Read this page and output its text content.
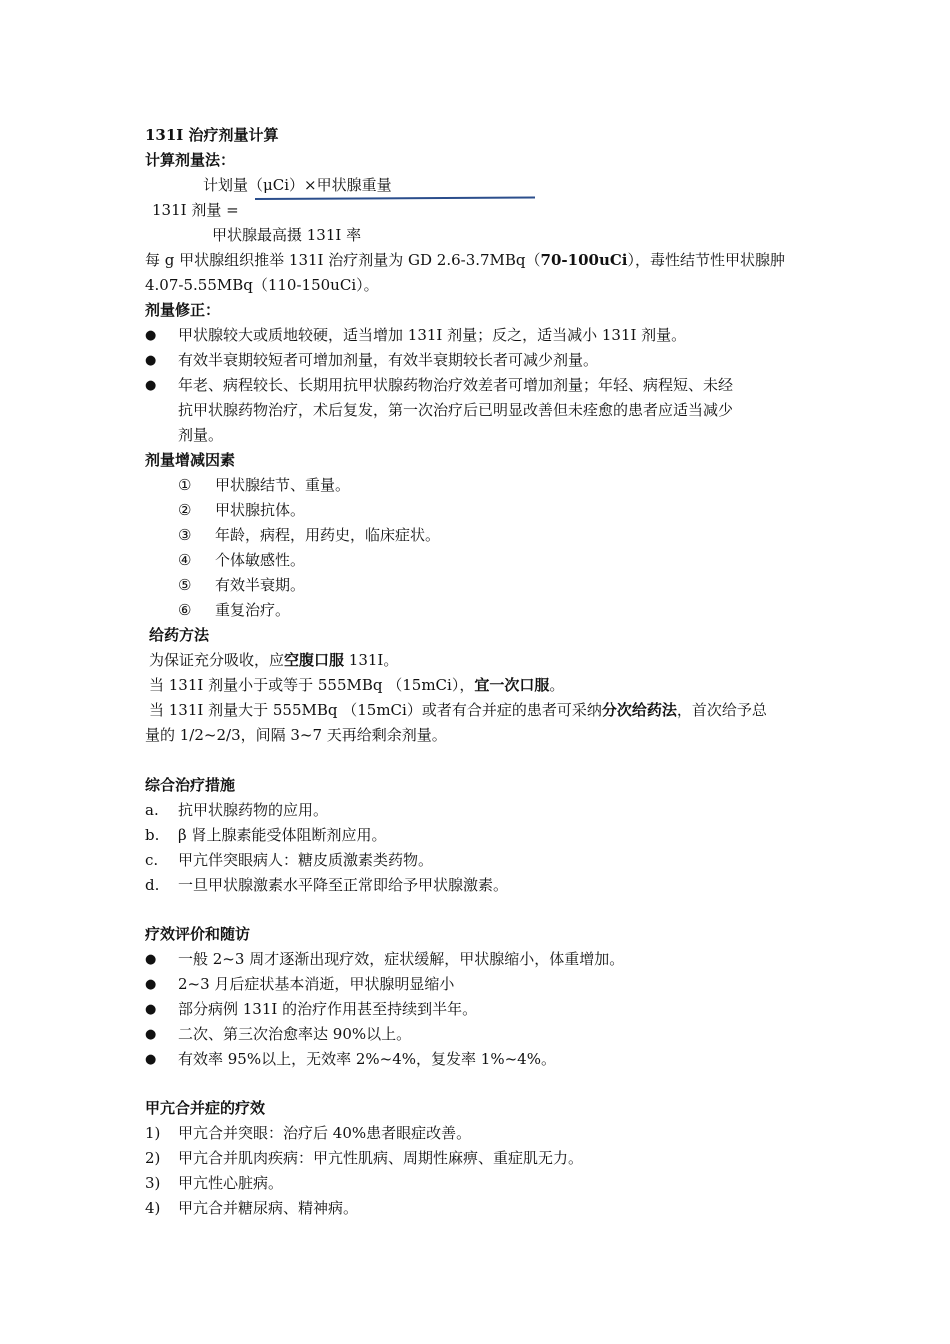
131I 治疗剂量计算
计算剂量法：
计划量（μCi）×甲状腺重量
131I 剂量 =
甲状腺最高摄 131I 率
每 g 甲状腺组织推举 131I 治疗剂量为 GD 2.6-3.7MBq（70-100uCi），毒性结节性甲状腺肿
4.07-5.55MBq（110-150uCi）。
剂量修正：
● 甲状腺较大或质地较硬，适当增加 131I 剂量；反之，适当减小 131I 剂量。
● 有效半衰期较短者可增加剂量，有效半衰期较长者可减少剂量。
● 年老、病程较长、长期用抗甲状腺药物治疗效差者可增加剂量；年轻、病程短、未经
抗甲状腺药物治疗，术后复发，第一次治疗后已明显改善但未痊愈的患者应适当减少
剂量。
剂量增减因素
① 甲状腺结节、重量。
② 甲状腺抗体。
③ 年龄，病程，用药史，临床症状。
④ 个体敏感性。
⑤ 有效半衰期。
⑥ 重复治疗。
给药方法
为保证充分吸收，应空腹口服 131I。
当 131I 剂量小于或等于 555MBq （15mCi），宜一次口服。
当 131I 剂量大于 555MBq （15mCi）或者有合并症的患者可采纳分次给药法，首次给予总
量的 1/2~2/3，间隔 3~7 天再给剩余剂量。
综合治疗措施
a. 抗甲状腺药物的应用。
b. β 肾上腺素能受体阻断剂应用。
c. 甲亢伴突眼病人：糖皮质激素类药物。
d. 一旦甲状腺激素水平降至正常即给予甲状腺激素。
疗效评价和随访
● 一般 2~3 周才逐渐出现疗效，症状缓解，甲状腺缩小，体重增加。
● 2~3 月后症状基本消逝，甲状腺明显缩小
● 部分病例 131I 的治疗作用甚至持续到半年。
● 二次、第三次治愈率达 90%以上。
● 有效率 95%以上，无效率 2%~4%，复发率 1%~4%。
甲亢合并症的疗效
1) 甲亢合并突眼：治疗后 40%患者眼症改善。
2) 甲亢合并肌肉疾病：甲亢性肌病、周期性麻痹、重症肌无力。
3) 甲亢性心脏病。
4) 甲亢合并糖尿病、精神病。
